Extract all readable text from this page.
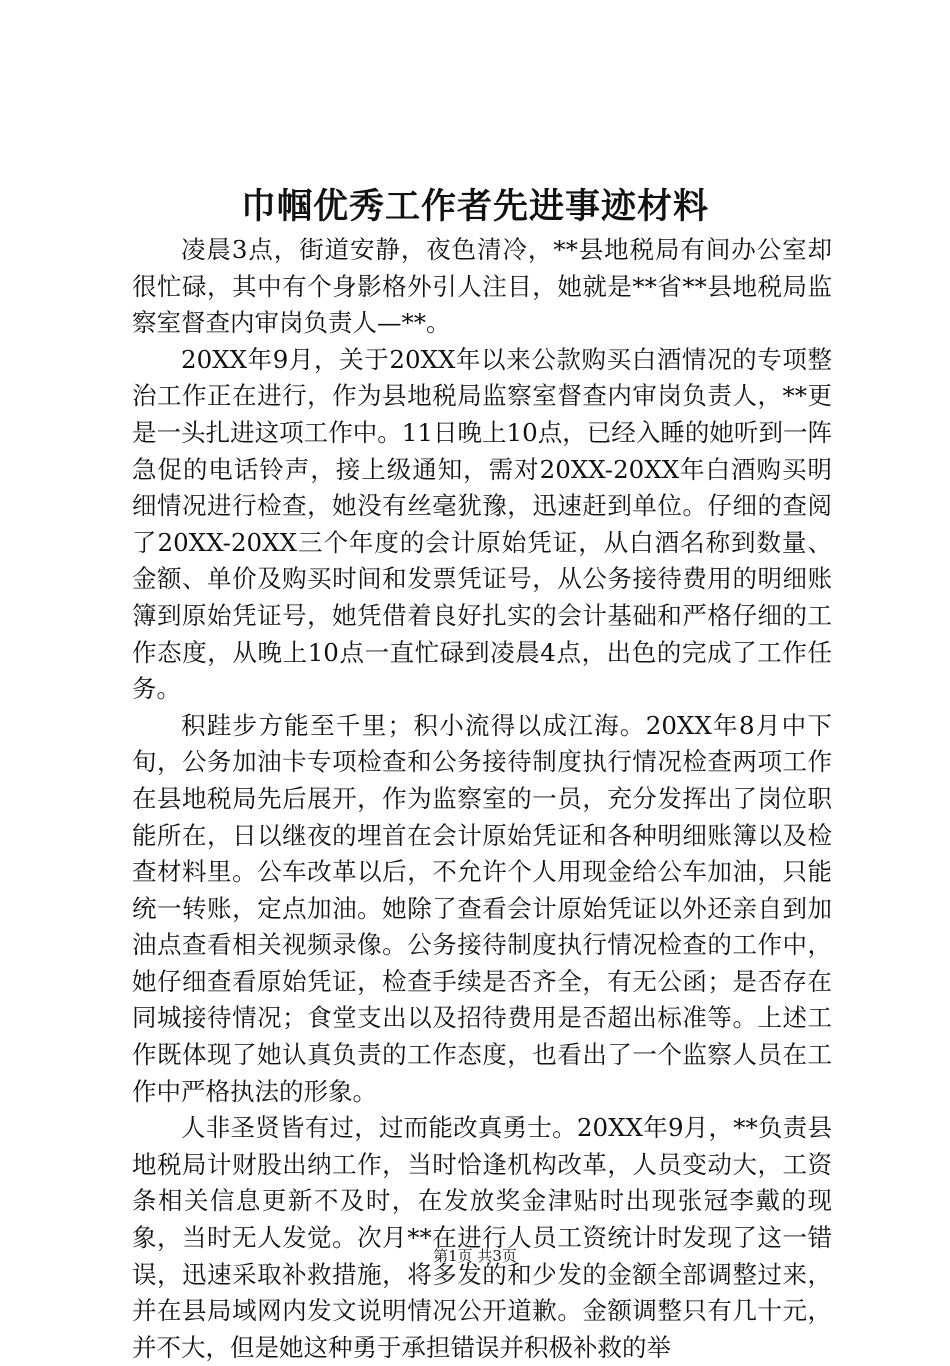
巾帼优秀工作者先进事迹材料

凌晨3点，街道安静，夜色清冷，**县地税局有间办公室却很忙碌，其中有个身影格外引人注目，她就是**省**县地税局监察室督查内审岗负责人—**。

20XX年9月，关于20XX年以来公款购买白酒情况的专项整治工作正在进行，作为县地税局监察室督查内审岗负责人，**更是一头扎进这项工作中。11日晚上10点，已经入睡的她听到一阵急促的电话铃声，接上级通知，需对20XX-20XX年白酒购买明细情况进行检查，她没有丝毫犹豫，迅速赶到单位。仔细的查阅了20XX-20XX三个年度的会计原始凭证，从白酒名称到数量、金额、单价及购买时间和发票凭证号，从公务接待费用的明细账簿到原始凭证号，她凭借着良好扎实的会计基础和严格仔细的工作态度，从晚上10点一直忙碌到凌晨4点，出色的完成了工作任务。

积跬步方能至千里；积小流得以成江海。20XX年8月中下旬，公务加油卡专项检查和公务接待制度执行情况检查两项工作在县地税局先后展开，作为监察室的一员，充分发挥出了岗位职能所在，日以继夜的埋首在会计原始凭证和各种明细账簿以及检查材料里。公车改革以后，不允许个人用现金给公车加油，只能统一转账，定点加油。她除了查看会计原始凭证以外还亲自到加油点查看相关视频录像。公务接待制度执行情况检查的工作中，她仔细查看原始凭证，检查手续是否齐全，有无公函；是否存在同城接待情况；食堂支出以及招待费用是否超出标准等。上述工作既体现了她认真负责的工作态度，也看出了一个监察人员在工作中严格执法的形象。

人非圣贤皆有过，过而能改真勇士。20XX年9月，**负责县地税局计财股出纳工作，当时恰逢机构改革，人员变动大，工资条相关信息更新不及时，在发放奖金津贴时出现张冠李戴的现象，当时无人发觉。次月**在进行人员工资统计时发现了这一错误，迅速采取补救措施，将多发的和少发的金额全部调整过来，并在县局域网内发文说明情况公开道歉。金额调整只有几十元，并不大，但是她这种勇于承担错误并积极补救的举

第1页 共3页
